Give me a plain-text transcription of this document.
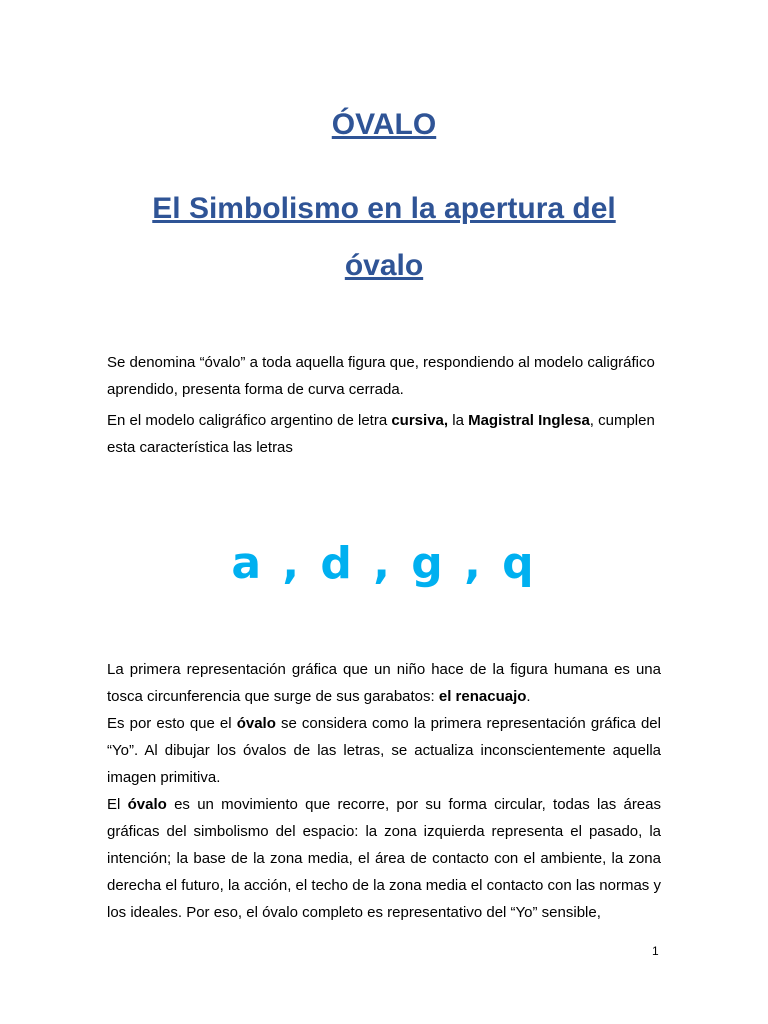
ÓVALO
El Simbolismo en la apertura del
óvalo

Se denomina “óvalo” a toda aquella figura que, respondiendo al modelo caligráfico aprendido, presenta forma de curva cerrada.

En el modelo caligráfico argentino de letra cursiva, la Magistral Inglesa, cumplen esta característica las letras

a , d , g , q

La primera representación gráfica que un niño hace de la figura humana es una tosca circunferencia que surge de sus garabatos: el renacuajo.

Es por esto que el óvalo se considera como la primera representación gráfica del “Yo”. Al dibujar los óvalos de las letras, se actualiza inconscientemente aquella imagen primitiva.

El óvalo es un movimiento que recorre, por su forma circular, todas las áreas gráficas del simbolismo del espacio: la zona izquierda representa el pasado, la intención; la base de la zona media, el área de contacto con el ambiente, la zona derecha el futuro, la acción, el techo de la zona media el contacto con las normas y los ideales. Por eso, el óvalo completo es representativo del “Yo” sensible,

1
